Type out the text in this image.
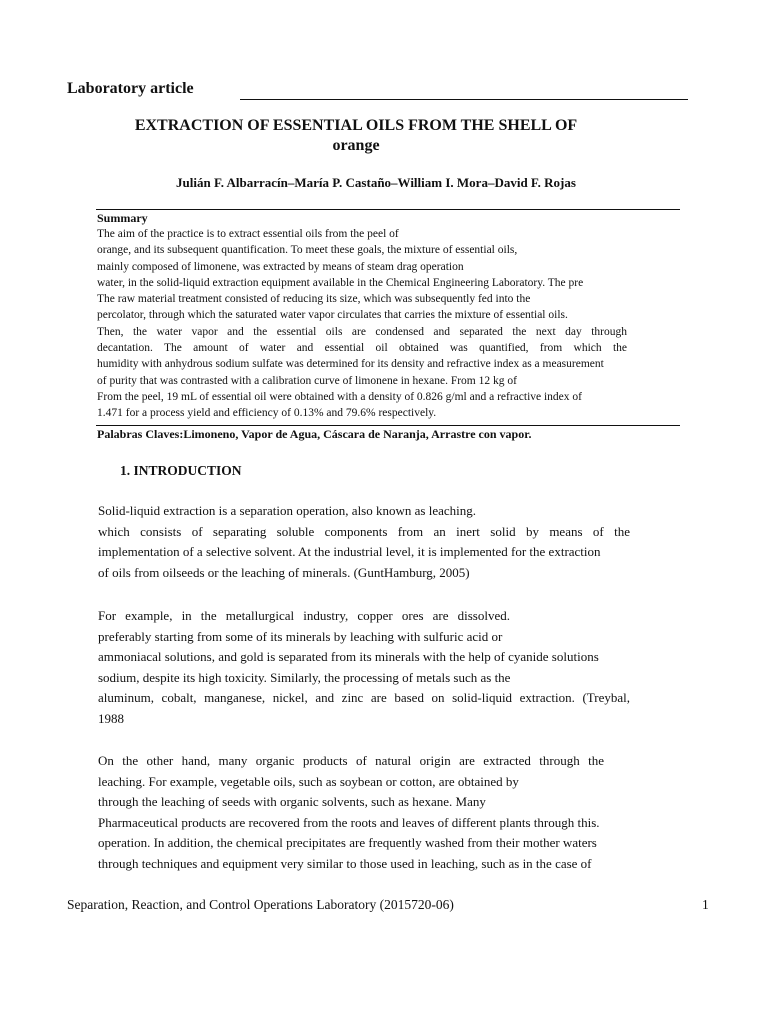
Laboratory article
EXTRACTION OF ESSENTIAL OILS FROM THE SHELL OF
orange
Julián F. Albarracín–María P. Castaño–William I. Mora–David F. Rojas
Summary
The aim of the practice is to extract essential oils from the peel of
orange, and its subsequent quantification. To meet these goals, the mixture of essential oils,
mainly composed of limonene, was extracted by means of steam drag operation
water, in the solid-liquid extraction equipment available in the Chemical Engineering Laboratory. The pre
The raw material treatment consisted of reducing its size, which was subsequently fed into the
percolator, through which the saturated water vapor circulates that carries the mixture of essential oils.
Then, the water vapor and the essential oils are condensed and separated the next day through
decantation. The amount of water and essential oil obtained was quantified, from which the
humidity with anhydrous sodium sulfate was determined for its density and refractive index as a measurement
of purity that was contrasted with a calibration curve of limonene in hexane. From 12 kg of
From the peel, 19 mL of essential oil were obtained with a density of 0.826 g/ml and a refractive index of
1.471 for a process yield and efficiency of 0.13% and 79.6% respectively.
Palabras Claves:Limoneno, Vapor de Agua, Cáscara de Naranja, Arrastre con vapor.
1. INTRODUCTION
Solid-liquid extraction is a separation operation, also known as leaching.
which consists of separating soluble components from an inert solid by means of the
implementation of a selective solvent. At the industrial level, it is implemented for the extraction
of oils from oilseeds or the leaching of minerals. (GuntHamburg, 2005)
For example, in the metallurgical industry, copper ores are dissolved.
preferably starting from some of its minerals by leaching with sulfuric acid or
ammoniacal solutions, and gold is separated from its minerals with the help of cyanide solutions
sodium, despite its high toxicity. Similarly, the processing of metals such as the
aluminum, cobalt, manganese, nickel, and zinc are based on solid-liquid extraction. (Treybal,
1988
On the other hand, many organic products of natural origin are extracted through the
leaching. For example, vegetable oils, such as soybean or cotton, are obtained by
through the leaching of seeds with organic solvents, such as hexane. Many
Pharmaceutical products are recovered from the roots and leaves of different plants through this.
operation. In addition, the chemical precipitates are frequently washed from their mother waters
through techniques and equipment very similar to those used in leaching, such as in the case of
Separation, Reaction, and Control Operations Laboratory (2015720-06)	1
